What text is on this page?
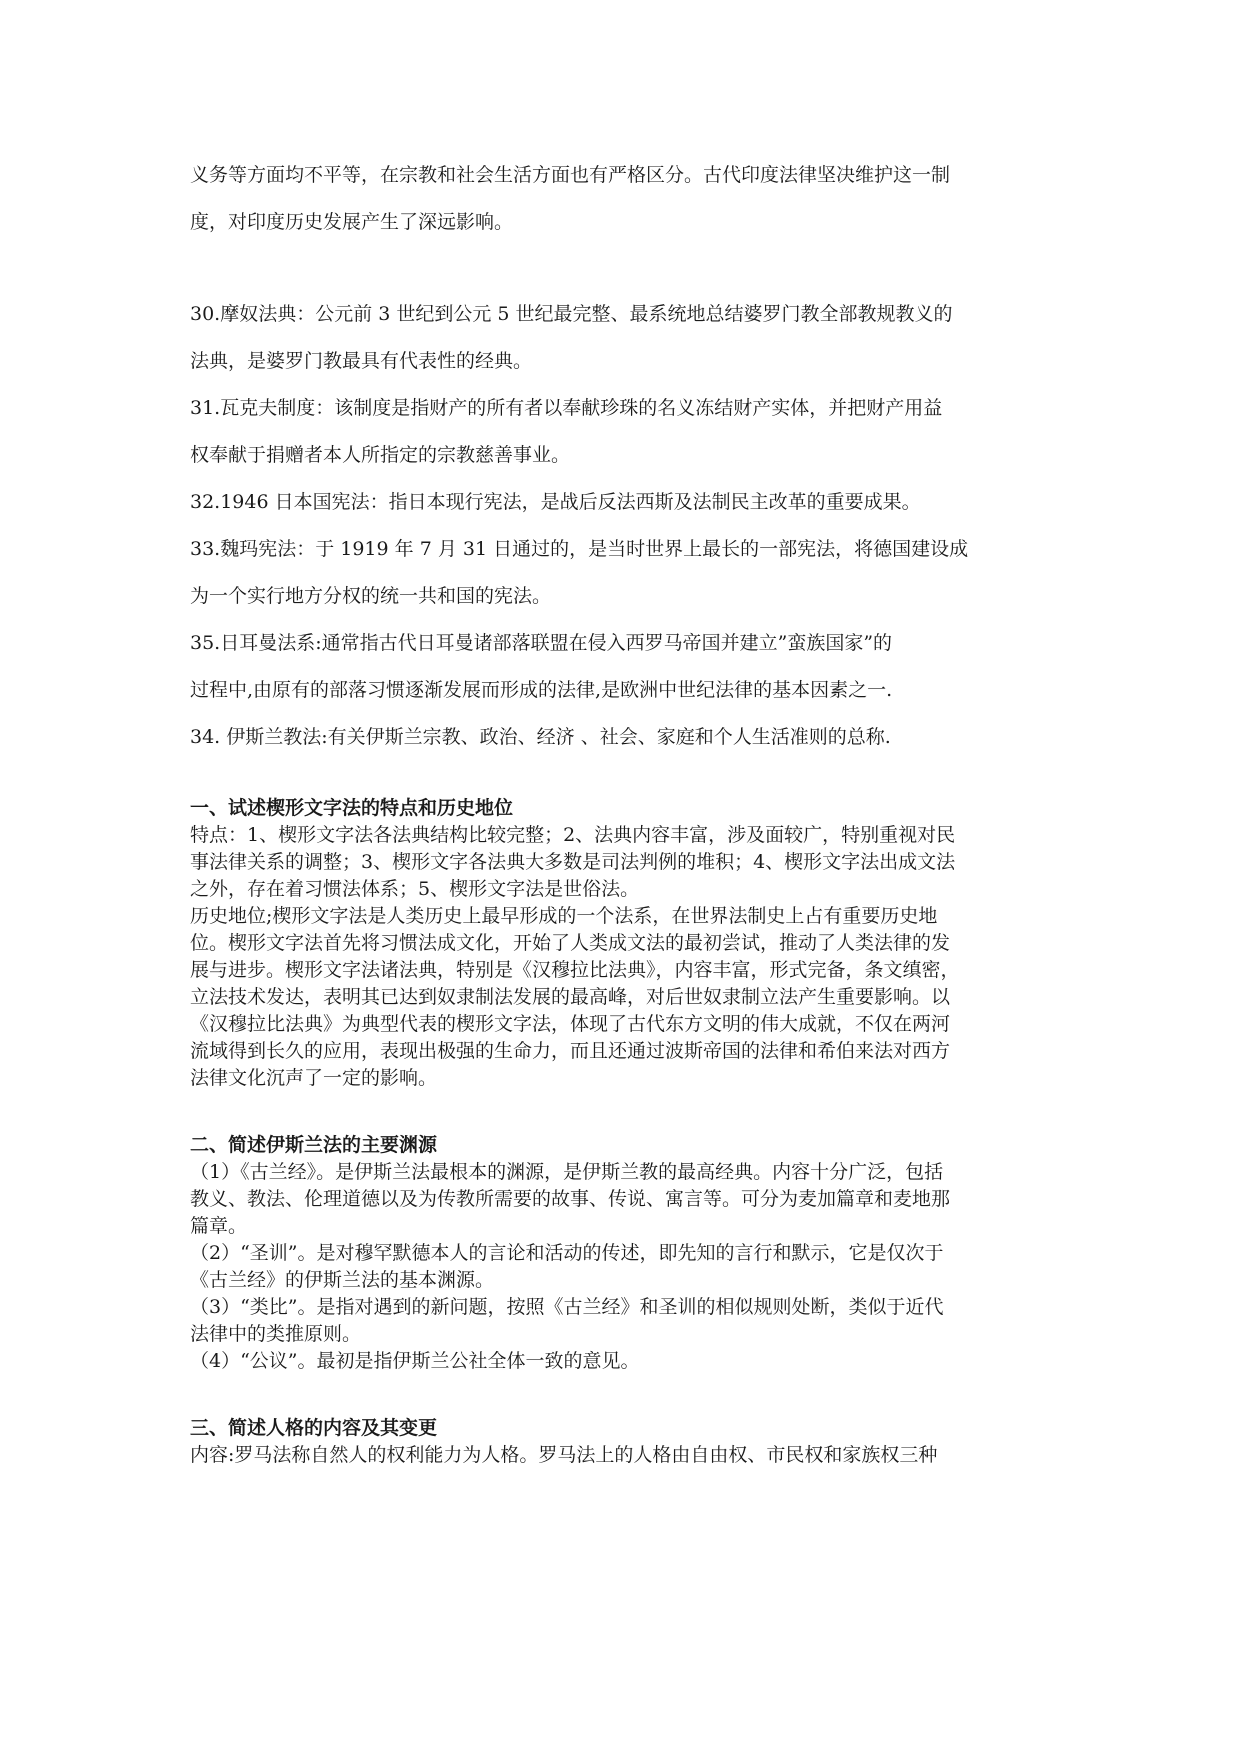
义务等方面均不平等，在宗教和社会生活方面也有严格区分。古代印度法律坚决维护这一制
度，对印度历史发展产生了深远影响。
30.摩奴法典：公元前 3 世纪到公元 5 世纪最完整、最系统地总结婆罗门教全部教规教义的
法典，是婆罗门教最具有代表性的经典。
31.瓦克夫制度：该制度是指财产的所有者以奉献珍珠的名义冻结财产实体，并把财产用益
权奉献于捐赠者本人所指定的宗教慈善事业。
32.1946 日本国宪法：指日本现行宪法，是战后反法西斯及法制民主改革的重要成果。
33.魏玛宪法：于 1919 年 7 月 31 日通过的，是当时世界上最长的一部宪法，将德国建设成
为一个实行地方分权的统一共和国的宪法。
35.日耳曼法系:通常指古代日耳曼诸部落联盟在侵入西罗马帝国并建立”蛮族国家”的
过程中,由原有的部落习惯逐渐发展而形成的法律,是欧洲中世纪法律的基本因素之一.
34. 伊斯兰教法:有关伊斯兰宗教、政治、经济 、社会、家庭和个人生活准则的总称.
一、试述楔形文字法的特点和历史地位
特点：1、楔形文字法各法典结构比较完整；2、法典内容丰富，涉及面较广，特别重视对民
事法律关系的调整；3、楔形文字各法典大多数是司法判例的堆积；4、楔形文字法出成文法
之外，存在着习惯法体系；5、楔形文字法是世俗法。
历史地位;楔形文字法是人类历史上最早形成的一个法系，在世界法制史上占有重要历史地
位。楔形文字法首先将习惯法成文化，开始了人类成文法的最初尝试，推动了人类法律的发
展与进步。楔形文字法诸法典，特别是《汉穆拉比法典》，内容丰富，形式完备，条文缜密，
立法技术发达，表明其已达到奴隶制法发展的最高峰，对后世奴隶制立法产生重要影响。以
《汉穆拉比法典》为典型代表的楔形文字法，体现了古代东方文明的伟大成就，不仅在两河
流域得到长久的应用，表现出极强的生命力，而且还通过波斯帝国的法律和希伯来法对西方
法律文化沉声了一定的影响。
二、简述伊斯兰法的主要渊源
（1）《古兰经》。是伊斯兰法最根本的渊源，是伊斯兰教的最高经典。内容十分广泛，包括
教义、教法、伦理道德以及为传教所需要的故事、传说、寓言等。可分为麦加篇章和麦地那
篇章。
（2）“圣训”。是对穆罕默德本人的言论和活动的传述，即先知的言行和默示，它是仅次于
《古兰经》的伊斯兰法的基本渊源。
（3）“类比”。是指对遇到的新问题，按照《古兰经》和圣训的相似规则处断，类似于近代
法律中的类推原则。
（4）“公议”。最初是指伊斯兰公社全体一致的意见。
三、简述人格的内容及其变更
内容:罗马法称自然人的权利能力为人格。罗马法上的人格由自由权、市民权和家族权三种
